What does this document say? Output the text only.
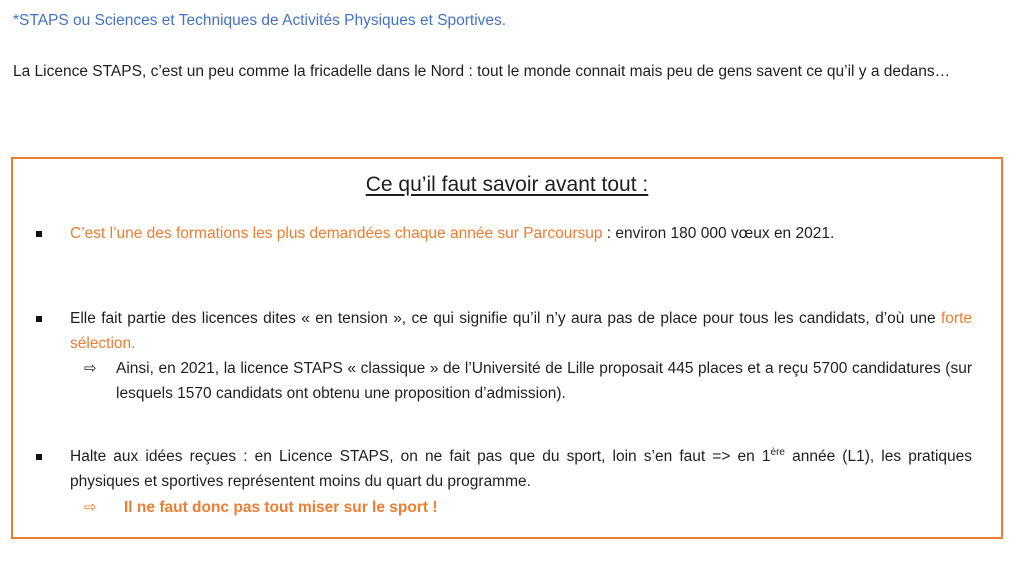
*STAPS ou Sciences et Techniques de Activités Physiques et Sportives.
La Licence STAPS, c’est un peu comme la fricadelle dans le Nord : tout le monde connait mais peu de gens savent ce qu’il y a dedans…
Ce qu’il faut savoir avant tout :
C’est l’une des formations les plus demandées chaque année sur Parcoursup : environ 180 000 vœux en 2021.
Elle fait partie des licences dites « en tension », ce qui signifie qu’il n’y aura pas de place pour tous les candidats, d’où une forte sélection.
⇨ Ainsi, en 2021, la licence STAPS « classique » de l’Université de Lille proposait 445 places et a reçu 5700 candidatures (sur lesquels 1570 candidats ont obtenu une proposition d’admission).
Halte aux idées reçues : en Licence STAPS, on ne fait pas que du sport, loin s’en faut => en 1ère année (L1), les pratiques physiques et sportives représentent moins du quart du programme.
⇨ Il ne faut donc pas tout miser sur le sport !
